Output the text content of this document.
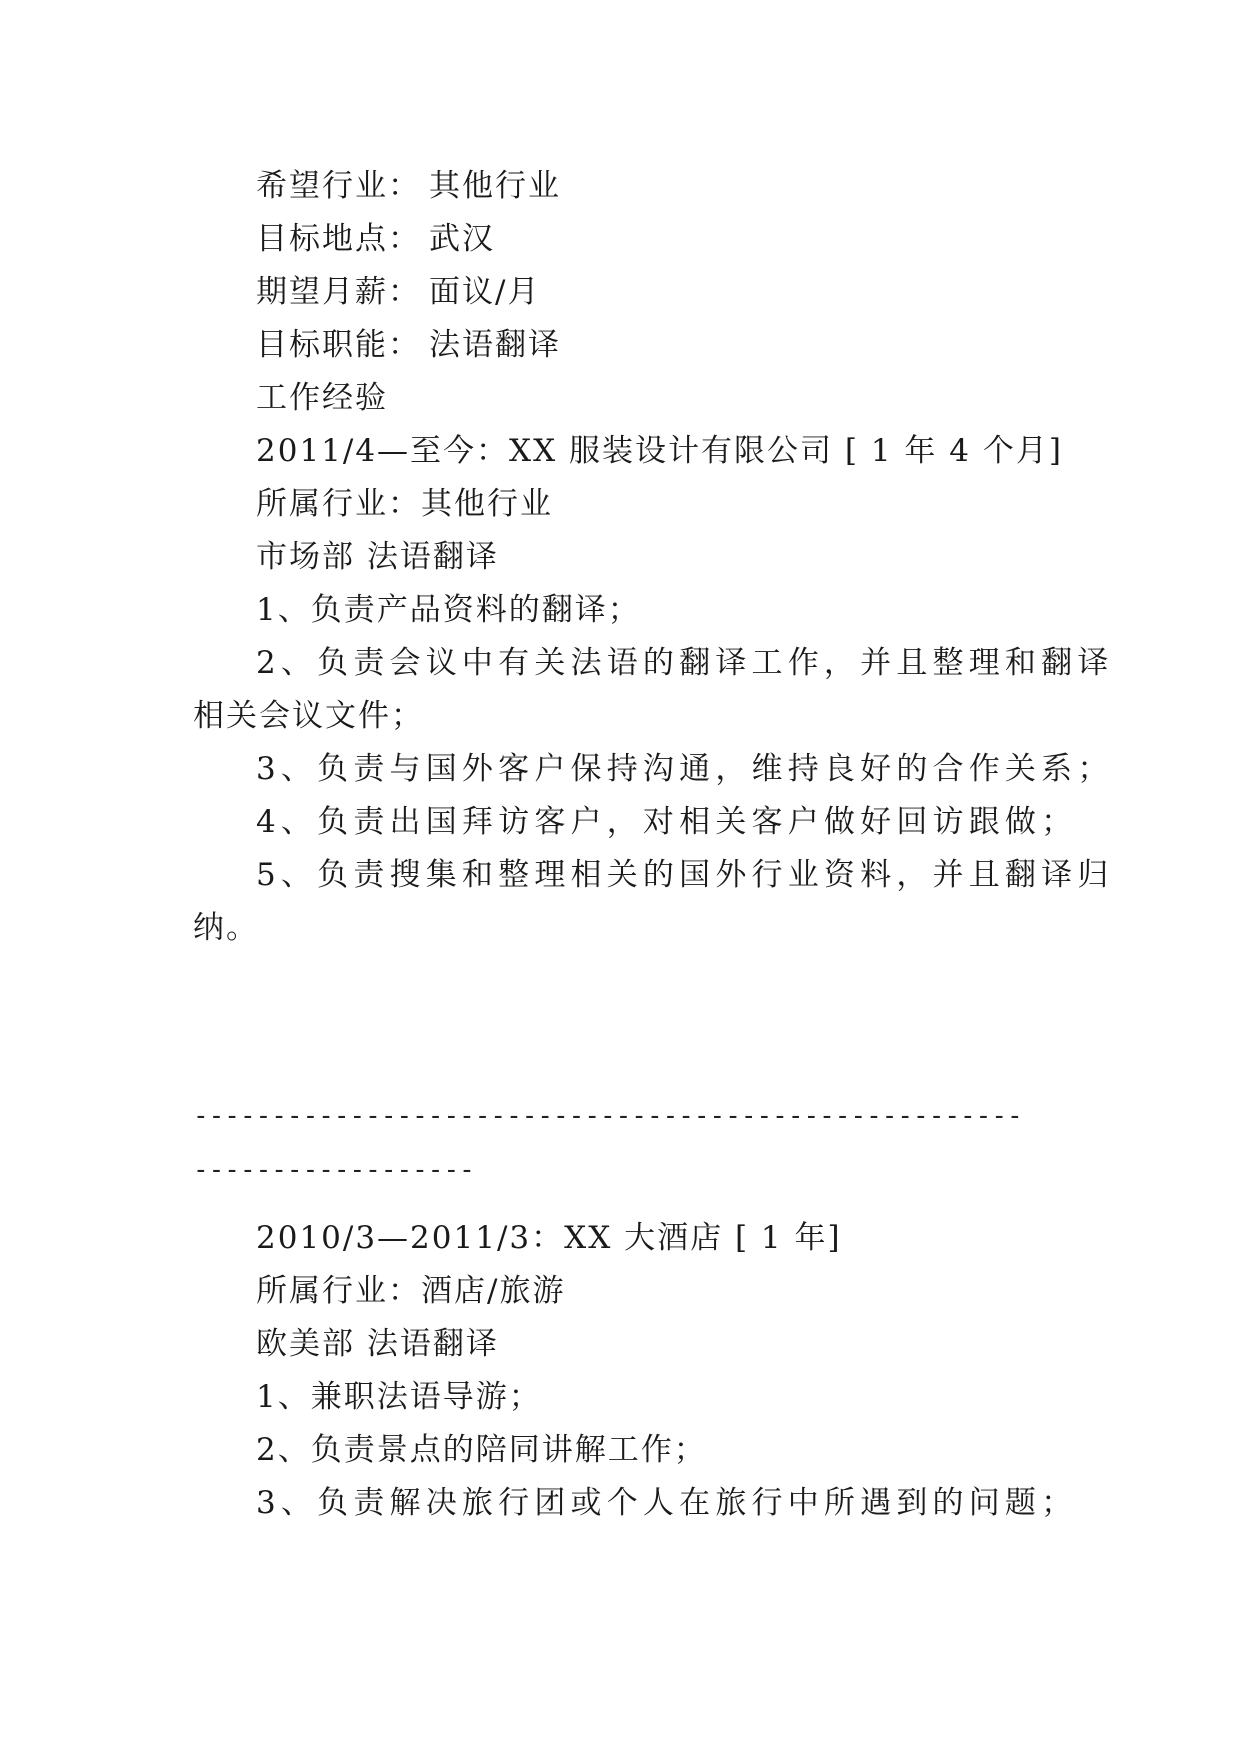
希望行业： 其他行业
目标地点： 武汉
期望月薪： 面议/月
目标职能： 法语翻译
工作经验
2011/4—至今：XX 服装设计有限公司 [ 1 年 4 个月]
所属行业：其他行业
市场部 法语翻译
1、负责产品资料的翻译；
2、负责会议中有关法语的翻译工作，并且整理和翻译
相关会议文件；
3、负责与国外客户保持沟通，维持良好的合作关系；
4、负责出国拜访客户，对相关客户做好回访跟做；
5、负责搜集和整理相关的国外行业资料，并且翻译归
纳。
-----------------------------------------------------
------------------
2010/3—2011/3：XX 大酒店 [ 1 年]
所属行业：酒店/旅游
欧美部 法语翻译
1、兼职法语导游；
2、负责景点的陪同讲解工作；
3、负责解决旅行团或个人在旅行中所遇到的问题；
